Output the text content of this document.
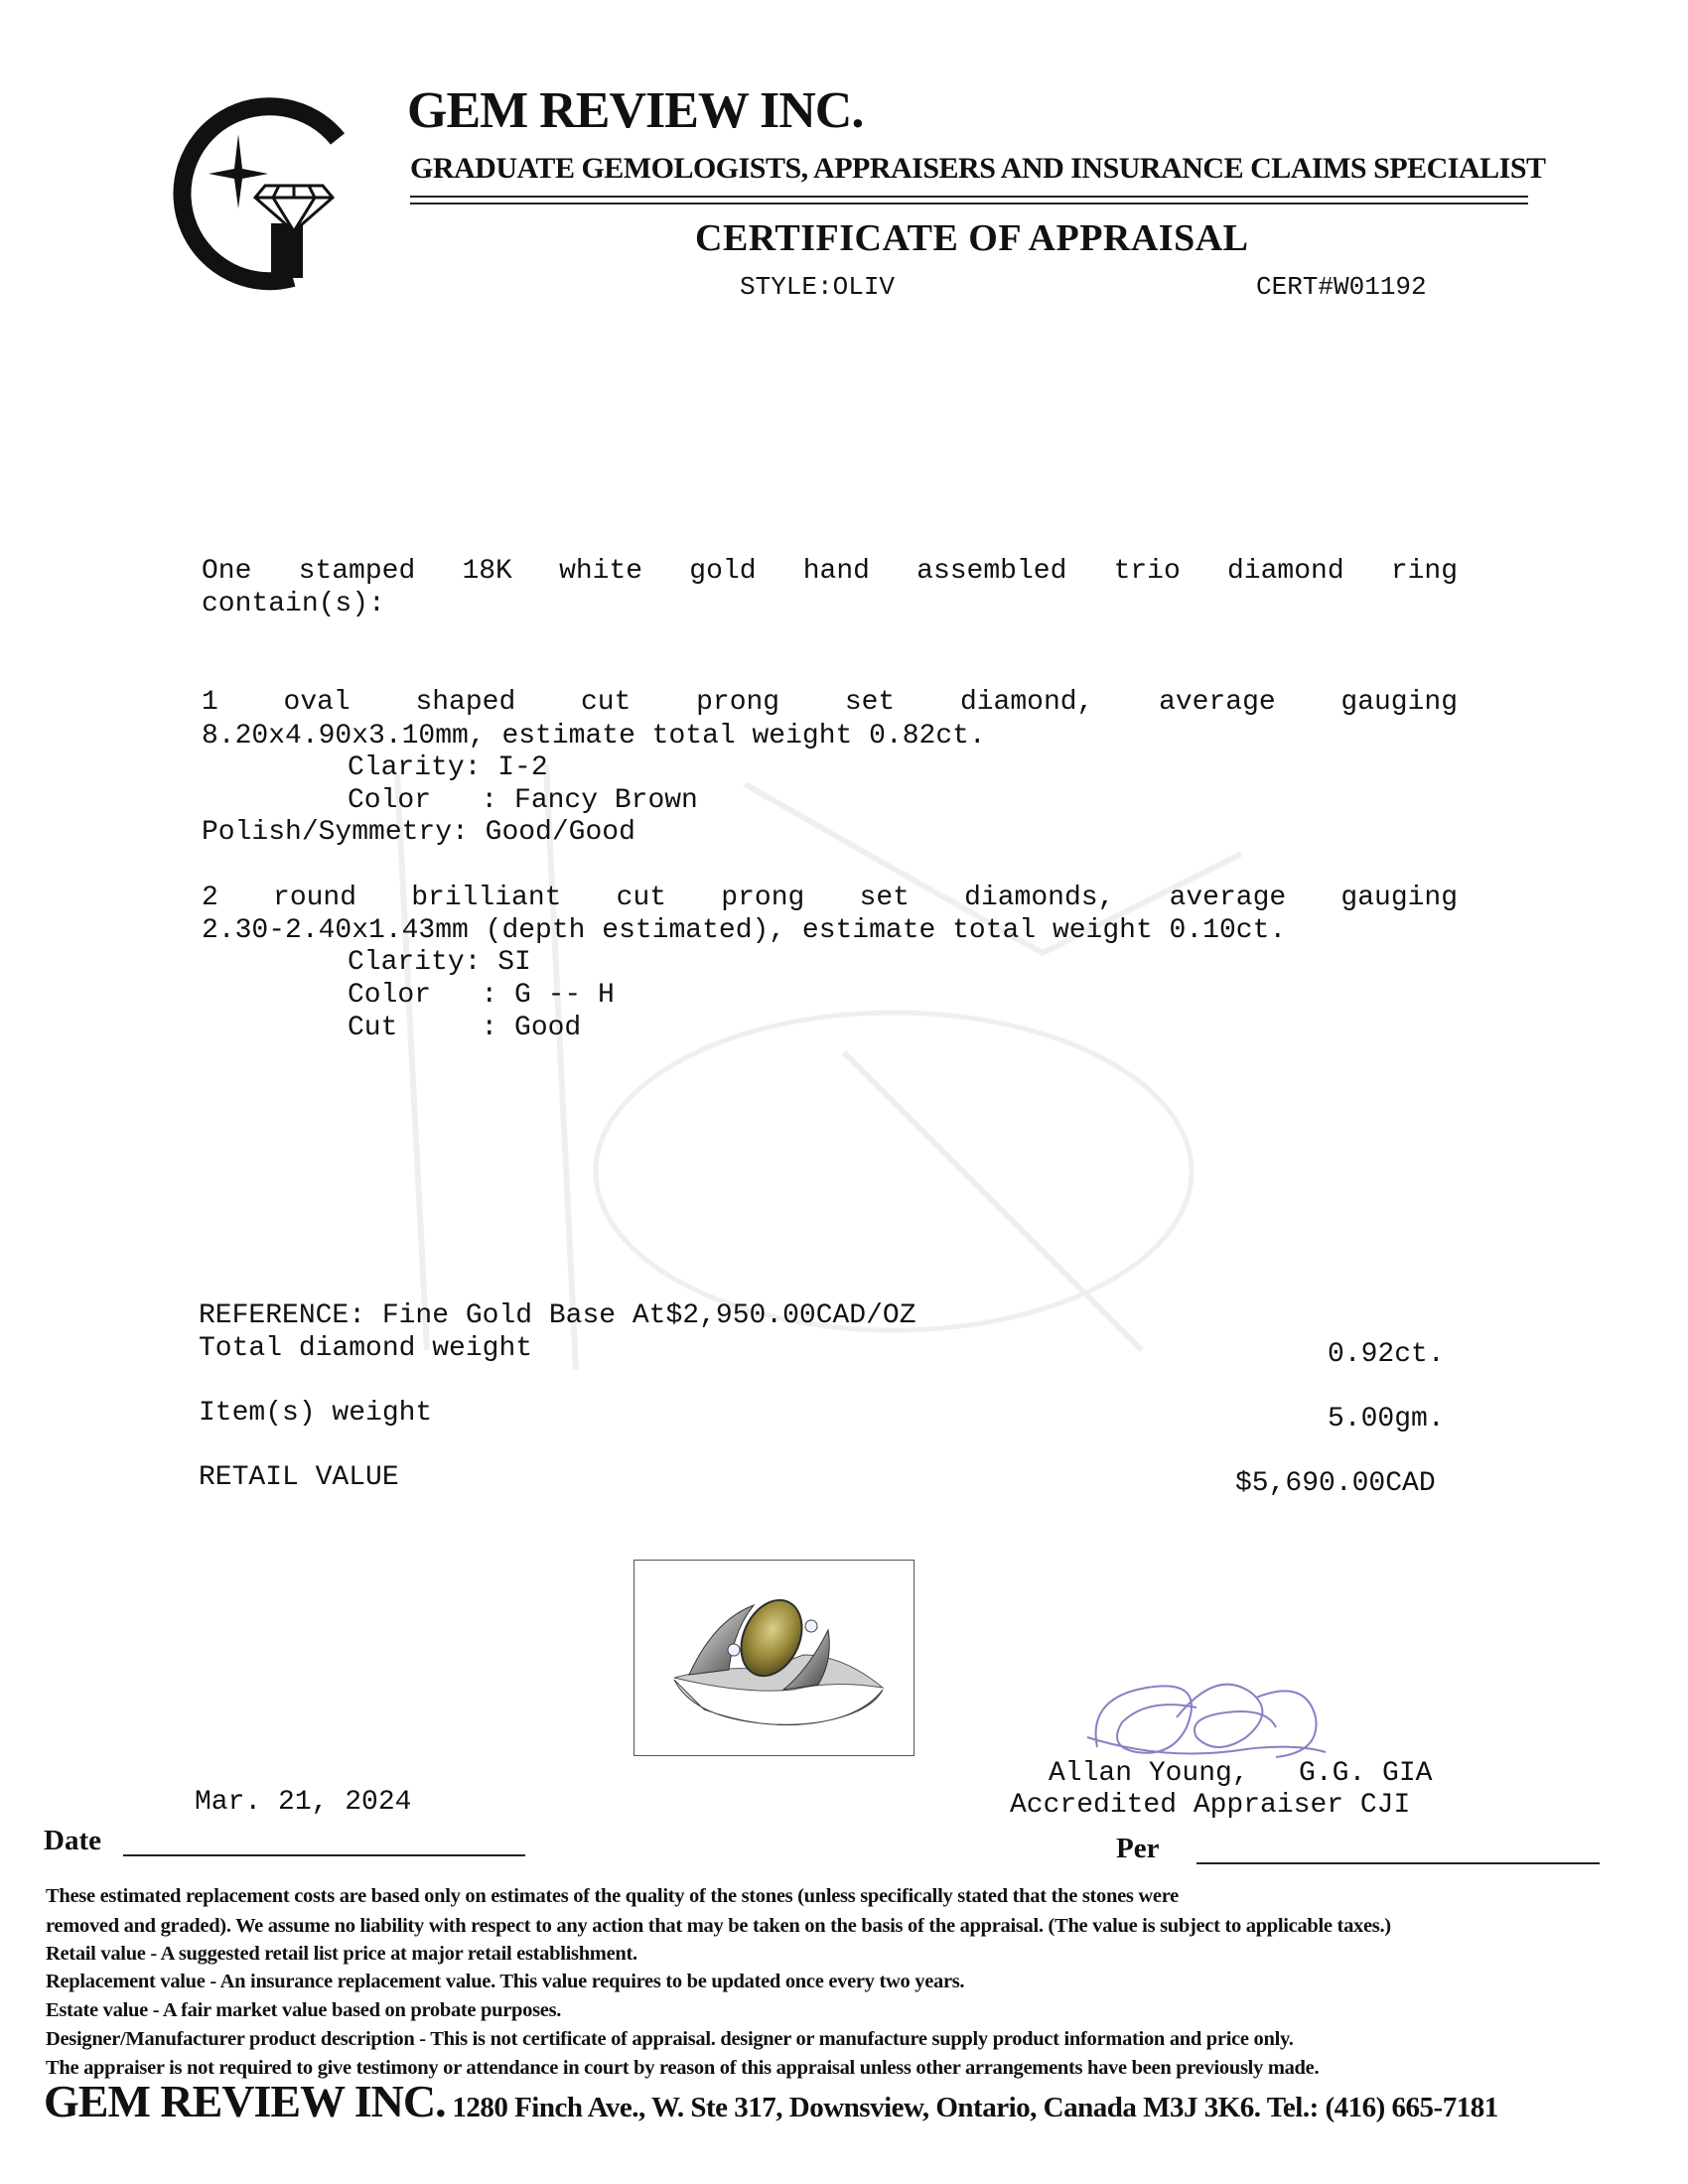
GEM REVIEW INC.
GRADUATE GEMOLOGISTS, APPRAISERS AND INSURANCE CLAIMS SPECIALIST
CERTIFICATE OF APPRAISAL
STYLE:OLIV	CERT#W01192
One stamped 18K white gold hand assembled trio diamond ring
contain(s):
1 oval shaped cut prong set diamond, average gauging
8.20x4.90x3.10mm, estimate total weight 0.82ct.
Clarity: I-2
Color   : Fancy Brown
Polish/Symmetry: Good/Good
2 round brilliant cut prong set diamonds, average gauging
2.30-2.40x1.43mm (depth estimated), estimate total weight 0.10ct.
Clarity: SI
Color   : G -- H
Cut     : Good
REFERENCE: Fine Gold Base At$2,950.00CAD/OZ
Total diamond weight	0.92ct.
Item(s) weight	5.00gm.
RETAIL VALUE	$5,690.00CAD
Allan Young,   G.G. GIA
Accredited Appraiser CJI
Mar. 21, 2024
Date	Per
These estimated replacement costs are based only on estimates of the quality of the stones (unless specifically stated that the stones were
removed and graded). We assume no liability with respect to any action that may be taken on the basis of the appraisal. (The value is subject to applicable taxes.)
Retail value - A suggested retail list price at major retail establishment.
Replacement value - An insurance replacement value. This value requires to be updated once every two years.
Estate value - A fair market value based on probate purposes.
Designer/Manufacturer product description - This is not certificate of appraisal. designer or manufacture supply product information and price only.
The appraiser is not required to give testimony or attendance in court by reason of this appraisal unless other arrangements have been previously made.
GEM REVIEW INC. 1280 Finch Ave., W. Ste 317, Downsview, Ontario, Canada M3J 3K6. Tel.: (416) 665-7181
